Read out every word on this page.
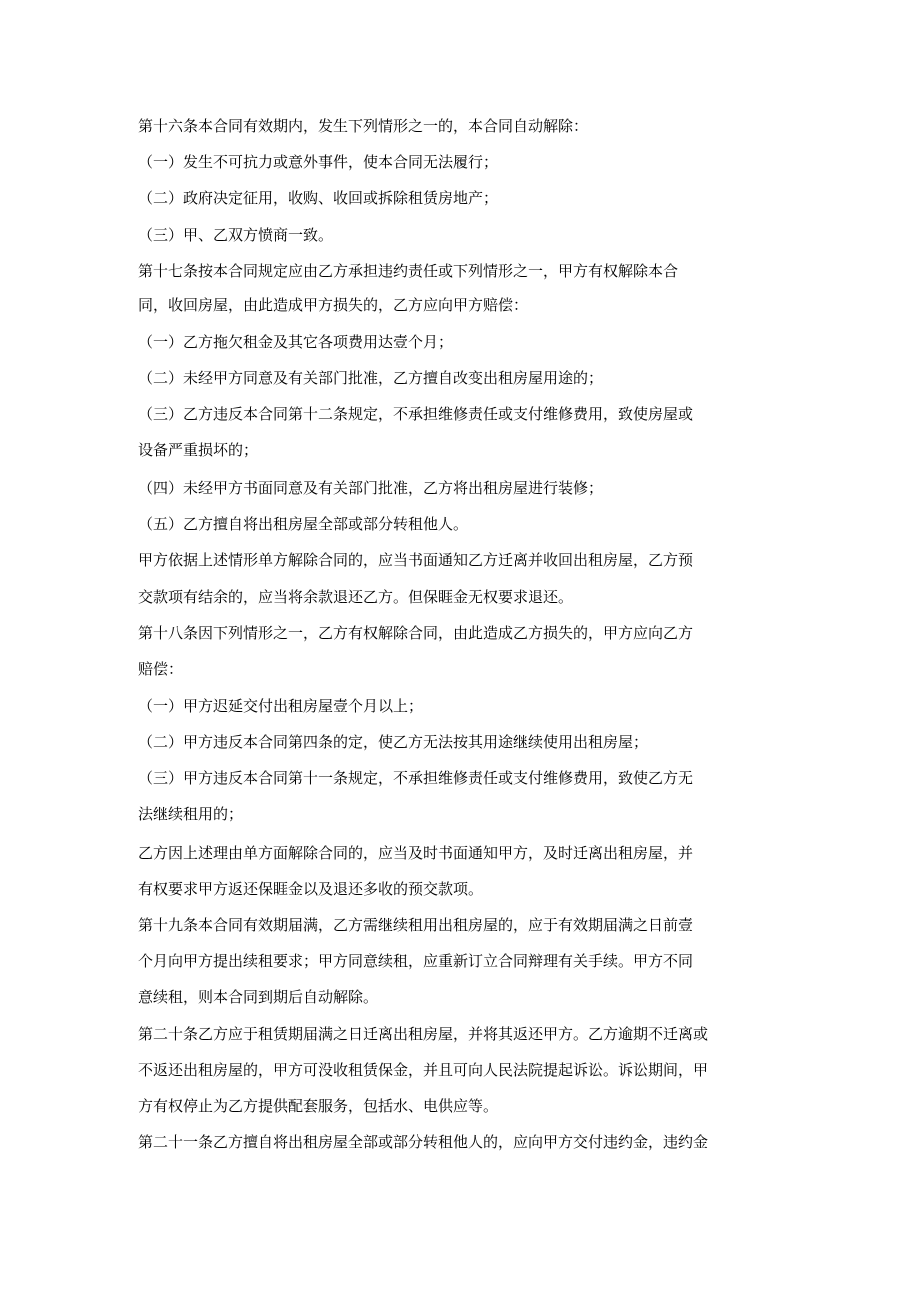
第十六条本合同有效期内，发生下列情形之一的，本合同自动解除：
（一）发生不可抗力或意外事件，使本合同无法履行；
（二）政府决定征用，收购、收回或拆除租赁房地产；
（三）甲、乙双方愤商一致。
第十七条按本合同规定应由乙方承担违约责任或下列情形之一，甲方有权解除本合
同，收回房屋，由此造成甲方损失的，乙方应向甲方赔偿：
（一）乙方拖欠租金及其它各项费用达壹个月；
（二）未经甲方同意及有关部门批准，乙方擅自改变出租房屋用途的；
（三）乙方违反本合同第十二条规定，不承担维修责任或支付维修费用，致使房屋或
设备严重损坏的；
（四）未经甲方书面同意及有关部门批准，乙方将出租房屋进行装修；
（五）乙方擅自将出租房屋全部或部分转租他人。
甲方依据上述情形单方解除合同的，应当书面通知乙方迁离并收回出租房屋，乙方预
交款项有结余的，应当将余款退还乙方。但保睚金无权要求退还。
第十八条因下列情形之一，乙方有权解除合同，由此造成乙方损失的，甲方应向乙方
赔偿：
（一）甲方迟延交付出租房屋壹个月以上；
（二）甲方违反本合同第四条的定，使乙方无法按其用途继续使用出租房屋；
（三）甲方违反本合同第十一条规定，不承担维修责任或支付维修费用，致使乙方无
法继续租用的；
乙方因上述理由单方面解除合同的，应当及时书面通知甲方，及时迁离出租房屋，并
有权要求甲方返还保睚金以及退还多收的预交款项。
第十九条本合同有效期届满，乙方需继续租用出租房屋的，应于有效期届满之日前壹
个月向甲方提出续租要求；甲方同意续租，应重新订立合同辩理有关手续。甲方不同
意续租，则本合同到期后自动解除。
第二十条乙方应于租赁期届满之日迁离出租房屋，并将其返还甲方。乙方逾期不迁离或
不返还出租房屋的，甲方可没收租赁保金，并且可向人民法院提起诉讼。诉讼期间，甲
方有权停止为乙方提供配套服务，包括水、电供应等。
第二十一条乙方擅自将出租房屋全部或部分转租他人的，应向甲方交付违约金，违约金
